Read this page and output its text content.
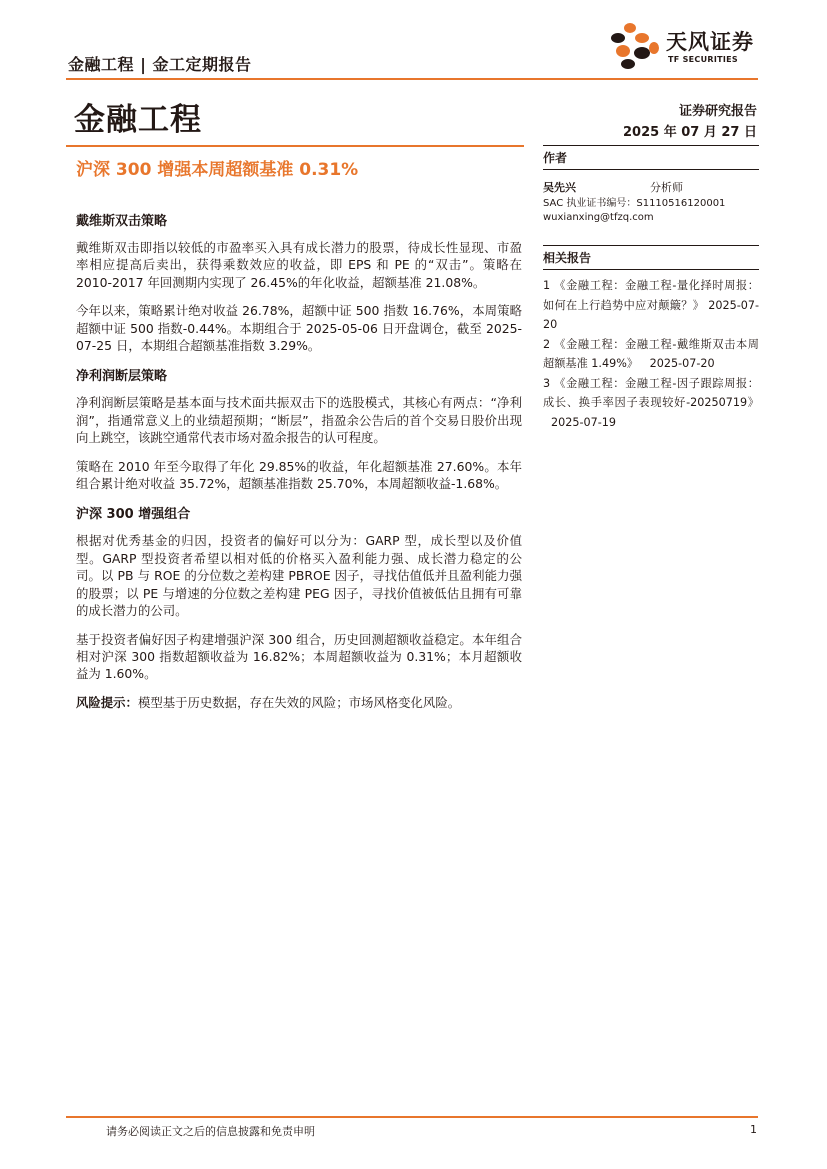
金融工程 | 金工定期报告
天风证券
TF SECURITIES
金融工程	证券研究报告
2025 年 07 月 27 日
沪深 300 增强本周超额基准 0.31%
戴维斯双击策略

戴维斯双击即指以较低的市盈率买入具有成长潜力的股票，待成长性显现、市盈率相应提高后卖出，获得乘数效应的收益，即 EPS 和 PE 的“双击”。策略在 2010-2017 年回测期内实现了 26.45%的年化收益，超额基准 21.08%。

今年以来，策略累计绝对收益 26.78%，超额中证 500 指数 16.76%，本周策略超额中证 500 指数-0.44%。本期组合于 2025-05-06 日开盘调仓，截至 2025-07-25 日，本期组合超额基准指数 3.29%。

净利润断层策略

净利润断层策略是基本面与技术面共振双击下的选股模式，其核心有两点：“净利润”，指通常意义上的业绩超预期；“断层”，指盈余公告后的首个交易日股价出现向上跳空，该跳空通常代表市场对盈余报告的认可程度。

策略在 2010 年至今取得了年化 29.85%的收益，年化超额基准 27.60%。本年组合累计绝对收益 35.72%，超额基准指数 25.70%，本周超额收益-1.68%。

沪深 300 增强组合

根据对优秀基金的归因，投资者的偏好可以分为：GARP 型，成长型以及价值型。GARP 型投资者希望以相对低的价格买入盈利能力强、成长潜力稳定的公司。以 PB 与 ROE 的分位数之差构建 PBROE 因子，寻找估值低并且盈利能力强的股票；以 PE 与增速的分位数之差构建 PEG 因子，寻找价值被低估且拥有可靠的成长潜力的公司。

基于投资者偏好因子构建增强沪深 300 组合，历史回测超额收益稳定。本年组合相对沪深 300 指数超额收益为 16.82%；本周超额收益为 0.31%；本月超额收益为 1.60%。

风险提示：模型基于历史数据，存在失效的风险；市场风格变化风险。

作者
吴先兴	分析师
SAC 执业证书编号：S1110516120001
wuxianxing@tfzq.com
相关报告
1 《金融工程：金融工程-量化择时周报：如何在上行趋势中应对颠簸？》 2025-07-20
2 《金融工程：金融工程-戴维斯双击本周超额基准 1.49%》 2025-07-20
3 《金融工程：金融工程-因子跟踪周报：成长、换手率因子表现较好-20250719》 2025-07-19
请务必阅读正文之后的信息披露和免责申明	1
